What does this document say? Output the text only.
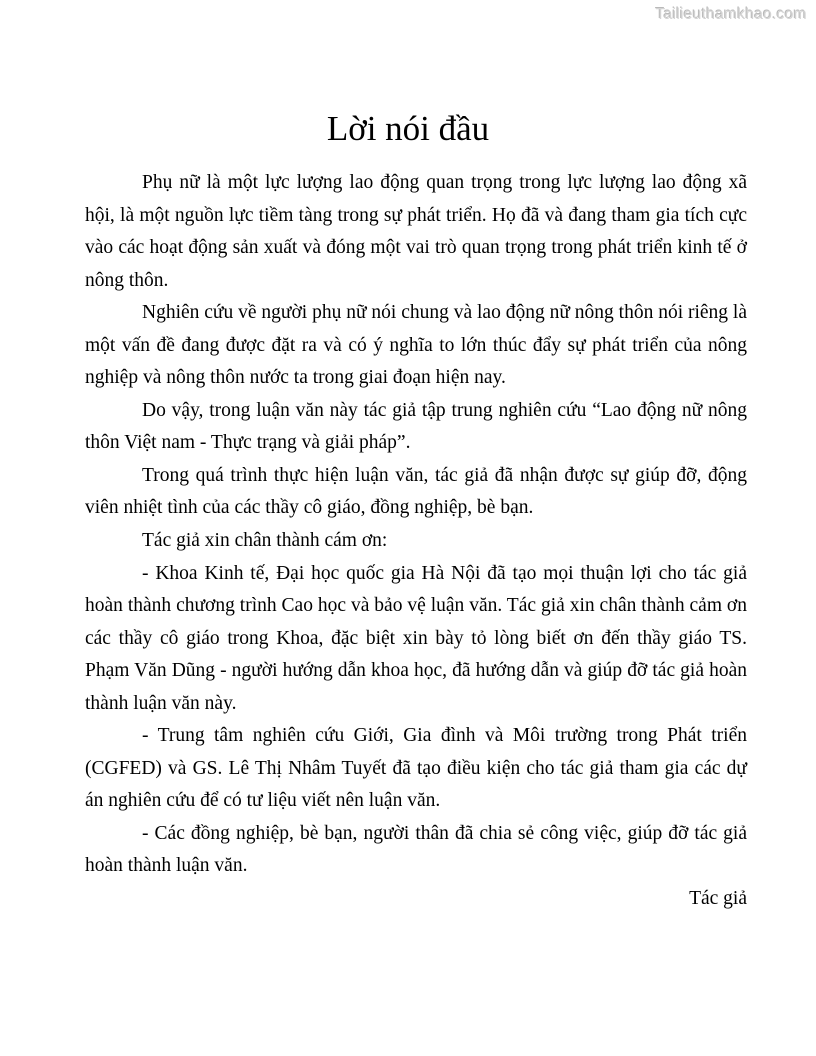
Tailieuthamkhao.com
Lời nói đầu

Phụ nữ là một lực lượng lao động quan trọng trong lực lượng lao động xã hội, là một nguồn lực tiềm tàng trong sự phát triển. Họ đã và đang tham gia tích cực vào các hoạt động sản xuất và đóng một vai trò quan trọng trong phát triển kinh tế ở nông thôn.

Nghiên cứu về người phụ nữ nói chung và lao động nữ nông thôn nói riêng là một vấn đề đang được đặt ra và có ý nghĩa to lớn thúc đẩy sự phát triển của nông nghiệp và nông thôn nước ta trong giai đoạn hiện nay.

Do vậy, trong luận văn này tác giả tập trung nghiên cứu “Lao động nữ nông thôn Việt nam - Thực trạng và giải pháp”.

Trong quá trình thực hiện luận văn, tác giả đã nhận được sự giúp đỡ, động viên nhiệt tình của các thầy cô giáo, đồng nghiệp, bè bạn.

Tác giả xin chân thành cám ơn:

- Khoa Kinh tế, Đại học quốc gia Hà Nội đã tạo mọi thuận lợi cho tác giả hoàn thành chương trình Cao học và bảo vệ luận văn. Tác giả xin chân thành cảm ơn các thầy cô giáo trong Khoa, đặc biệt xin bày tỏ lòng biết ơn đến thầy giáo TS. Phạm Văn Dũng - người hướng dẫn khoa học, đã hướng dẫn và giúp đỡ tác giả hoàn thành luận văn này.

- Trung tâm nghiên cứu Giới, Gia đình và Môi trường trong Phát triển (CGFED) và GS. Lê Thị Nhâm Tuyết đã tạo điều kiện cho tác giả tham gia các dự án nghiên cứu để có tư liệu viết nên luận văn.

- Các đồng nghiệp, bè bạn, người thân đã chia sẻ công việc, giúp đỡ tác giả hoàn thành luận văn.

Tác giả
